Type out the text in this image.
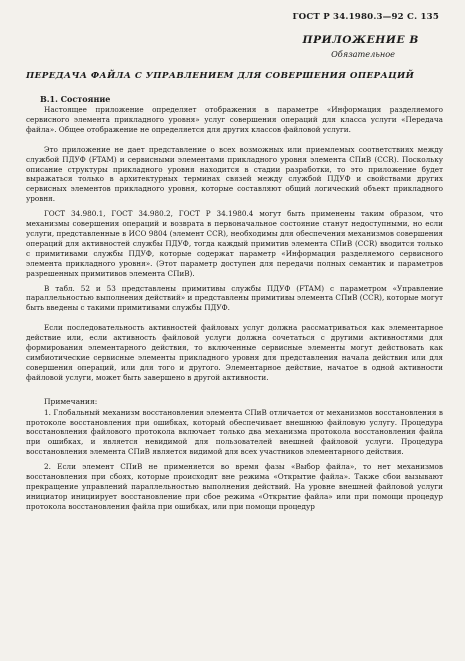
ГОСТ Р 34.1980.3—92 С. 135
ПРИЛОЖЕНИЕ В
Обязательное
ПЕРЕДАЧА ФАЙЛА С УПРАВЛЕНИЕМ ДЛЯ СОВЕРШЕНИЯ ОПЕРАЦИЙ
В.1. Состояние

Настоящее приложение определяет отображения в параметре «Информация разделяемого сервисного элемента прикладного уровня» услуг совершения операций для класса услуги «Передача файла». Общее отображение не определяется для других классов файловой услуги.

Это приложение не дает представление о всех возможных или приемлемых соответствиях между службой ПДУФ (FTAM) и сервисными элементами прикладного уровня элемента СПиВ (CCR). Поскольку описание структуры прикладного уровня находится в стадии разработки, то это приложение будет выражаться только в архитектурных терминах связей между службой ПДУФ и свойствами других сервисных элементов прикладного уровня, которые составляют общий логический объект прикладного уровня.

ГОСТ 34.980.1, ГОСТ 34.980.2, ГОСТ Р 34.1980.4 могут быть применены таким образом, что механизмы совершения операций и возврата в первоначальное состояние станут недоступными, но если услуги, представленные в ИСО 9804 (элемент CCR), необходимы для обеспечения механизмов совершения операций для активностей службы ПДУФ, тогда каждый примитив элемента СПиВ (CCR) вводится только с примитивами службы ПДУФ, которые содержат параметр «Информация разделяемого сервисного элемента прикладного уровня». (Этот параметр доступен для передачи полных семантик и параметров разрешенных примитивов элемента СПиВ).

В табл. 52 и 53 представлены примитивы службы ПДУФ (FTAM) с параметром «Управление параллельностью выполнения действий» и представлены примитивы элемента СПиВ (CCR), которые могут быть введены с такими примитивами службы ПДУФ.

Если последовательность активностей файловых услуг должна рассматриваться как элементарное действие или, если активность файловой услуги должна сочетаться с другими активностями для формирования элементарного действия, то включенные сервисные элементы могут действовать как симбиотические сервисные элементы прикладного уровня для представления начала действия или для совершения операций, или для того и другого. Элементарное действие, начатое в одной активности файловой услуги, может быть завершено в другой активности.

Примечания:

1. Глобальный механизм восстановления элемента СПиВ отличается от механизмов восстановления в протоколе восстановления при ошибках, который обеспечивает внешнюю файловую услугу. Процедура восстановления файлового протокола включает только два механизма протокола восстановления файла при ошибках, и является невидимой для пользователей внешней файловой услуги. Процедура восстановления элемента СПиВ является видимой для всех участников элементарного действия.

2. Если элемент СПиВ не применяется во время фазы «Выбор файла», то нет механизмов восстановления при сбоях, которые происходят вне режима «Открытие файла». Также сбои вызывают прекращение управлений параллельностью выполнения действий. На уровне внешней файловой услуги инициатор инициирует восстановление при сбое режима «Открытие файла» или при помощи процедур протокола восстановления файла при ошибках, или при помощи процедур
